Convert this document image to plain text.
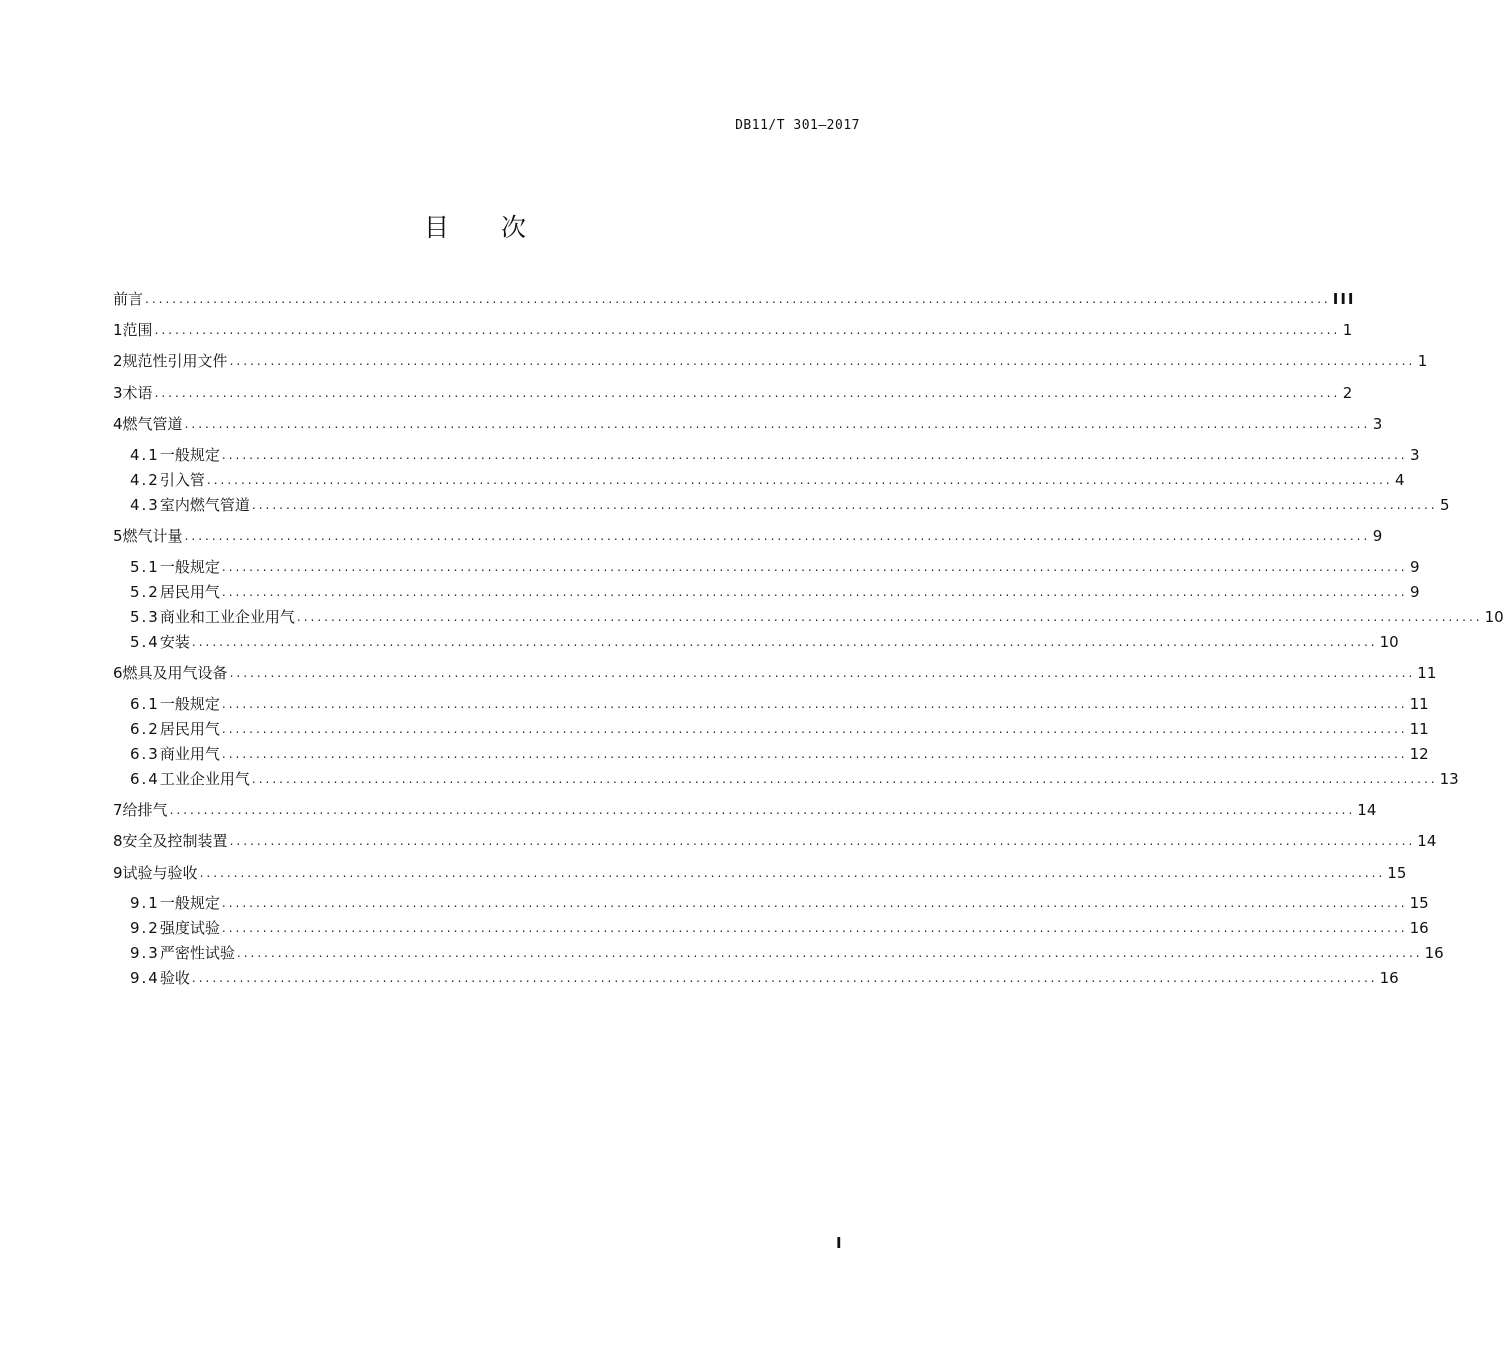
DB11/T 301—2017
目 次
前言 .............................................................................................................................................................................. III
1 范围 .............................................................................................................................................................................. 1
2 规范性引用文件 .............................................................................................................................................................................. 1
3 术语 .............................................................................................................................................................................. 2
4 燃气管道 .............................................................................................................................................................................. 3
4.1 一般规定 .............................................................................................................................................................................. 3
4.2 引入管 .............................................................................................................................................................................. 4
4.3 室内燃气管道 .............................................................................................................................................................................. 5
5 燃气计量 .............................................................................................................................................................................. 9
5.1 一般规定 .............................................................................................................................................................................. 9
5.2 居民用气 .............................................................................................................................................................................. 9
5.3 商业和工业企业用气 .............................................................................................................................................................................. 10
5.4 安装 .............................................................................................................................................................................. 10
6 燃具及用气设备 .............................................................................................................................................................................. 11
6.1 一般规定 .............................................................................................................................................................................. 11
6.2 居民用气 .............................................................................................................................................................................. 11
6.3 商业用气 .............................................................................................................................................................................. 12
6.4 工业企业用气 .............................................................................................................................................................................. 13
7 给排气 .............................................................................................................................................................................. 14
8 安全及控制装置 .............................................................................................................................................................................. 14
9 试验与验收 .............................................................................................................................................................................. 15
9.1 一般规定 .............................................................................................................................................................................. 15
9.2 强度试验 .............................................................................................................................................................................. 16
9.3 严密性试验 .............................................................................................................................................................................. 16
9.4 验收 .............................................................................................................................................................................. 16
I
